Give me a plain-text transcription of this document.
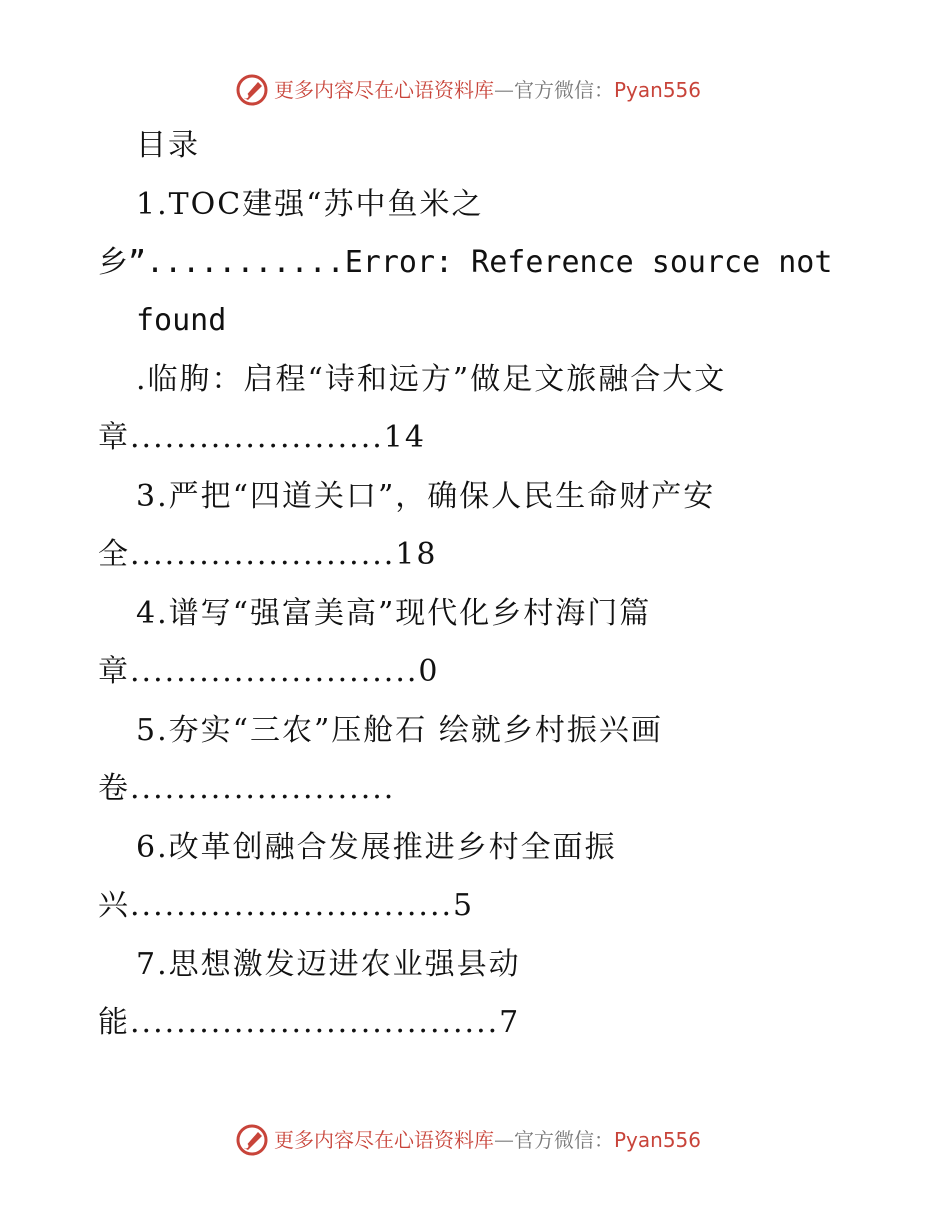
更多内容尽在心语资料库—官方微信：Pyan556
目录
1.TOC建强“苏中鱼米之
乡”...........Error: Reference source not
found
.临朐：启程“诗和远方”做足文旅融合大文
章......................14
3.严把“四道关口”，确保人民生命财产安
全.......................18
4.谱写“强富美高”现代化乡村海门篇
章.........................0
5.夯实“三农”压舱石 绘就乡村振兴画
卷.......................
6.改革创融合发展推进乡村全面振
兴............................5
7.思想激发迈进农业强县动
能................................7
更多内容尽在心语资料库—官方微信：Pyan556
